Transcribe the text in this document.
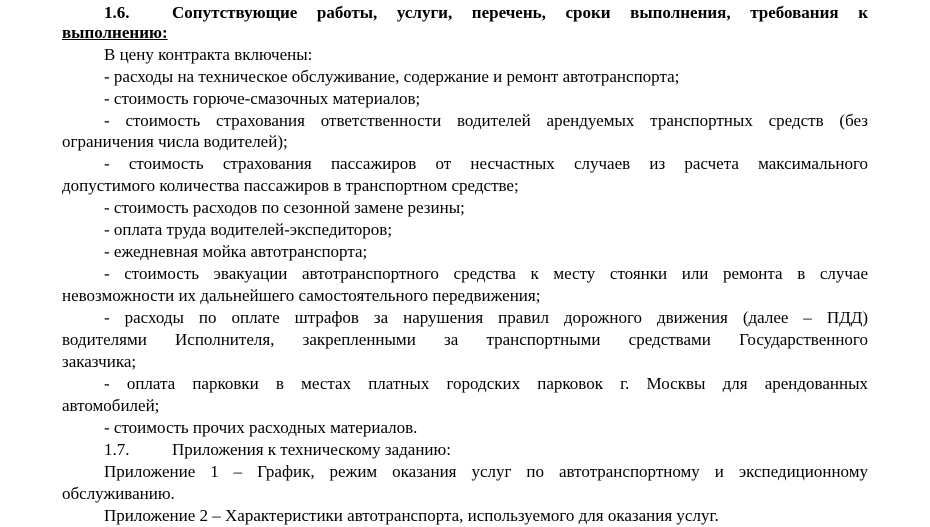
1.6.	Сопутствующие работы, услуги, перечень, сроки выполнения, требования к
выполнению:
В цену контракта включены:
- расходы на техническое обслуживание, содержание и ремонт автотранспорта;
- стоимость горюче-смазочных материалов;
- стоимость страхования ответственности водителей арендуемых транспортных средств (без
ограничения числа водителей);
- стоимость страхования пассажиров от несчастных случаев из расчета максимального
допустимого количества пассажиров в транспортном средстве;
- стоимость расходов по сезонной замене резины;
- оплата труда водителей-экспедиторов;
- ежедневная мойка автотранспорта;
- стоимость эвакуации автотранспортного средства к месту стоянки или ремонта в случае
невозможности их дальнейшего самостоятельного передвижения;
- расходы по оплате штрафов за нарушения правил дорожного движения (далее – ПДД)
водителями Исполнителя, закрепленными за транспортными средствами Государственного
заказчика;
- оплата парковки в местах платных городских парковок г. Москвы для арендованных
автомобилей;
- стоимость прочих расходных материалов.
1.7.	Приложения к техническому заданию:
Приложение 1 – График, режим оказания услуг по автотранспортному и экспедиционному
обслуживанию.
Приложение 2 – Характеристики автотранспорта, используемого для оказания услуг.
